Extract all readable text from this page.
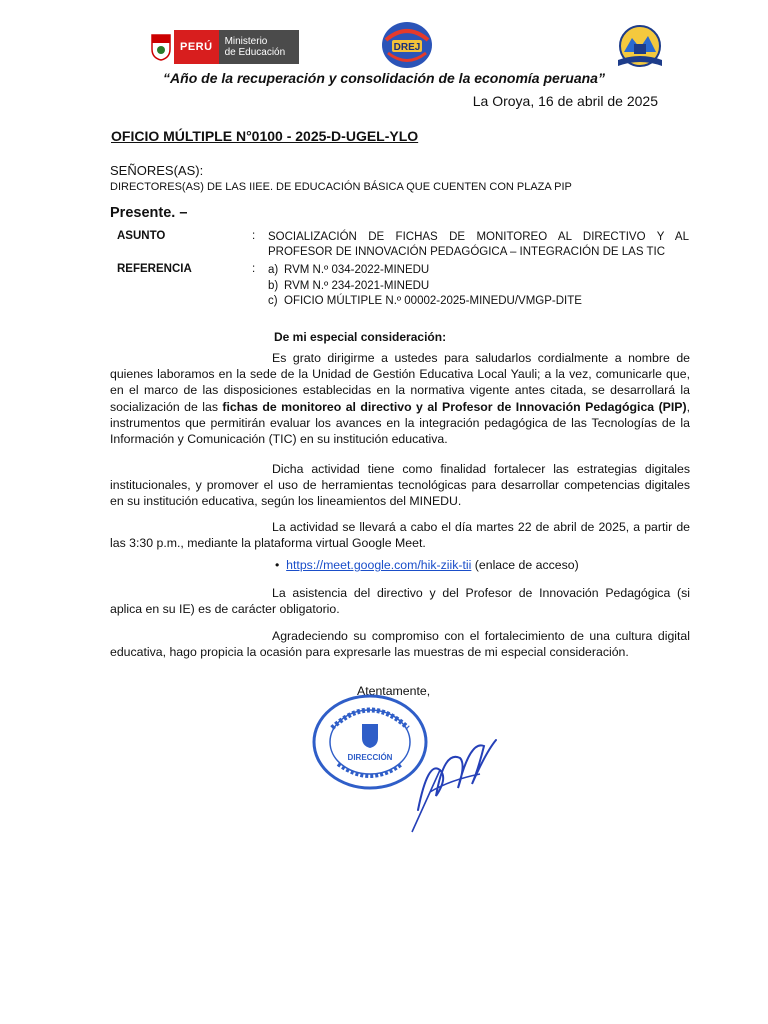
PERÚ	Ministerio
de Educación	DREJ
“Año de la recuperación y consolidación de la economía peruana”
La Oroya, 16 de abril de 2025
OFICIO MÚLTIPLE N°0100 - 2025-D-UGEL-YLO
SEÑORES(AS):
DIRECTORES(AS) DE LAS IIEE. DE EDUCACIÓN BÁSICA QUE CUENTEN CON PLAZA PIP
Presente. –
ASUNTO	:	SOCIALIZACIÓN DE FICHAS DE MONITOREO AL DIRECTIVO Y AL PROFESOR DE INNOVACIÓN PEDAGÓGICA – INTEGRACIÓN DE LAS TIC
REFERENCIA	:	a) RVM N.º 034-2022-MINEDU
b) RVM N.º 234-2021-MINEDU
c) OFICIO MÚLTIPLE N.º 00002-2025-MINEDU/VMGP-DITE
De mi especial consideración:
Es grato dirigirme a ustedes para saludarlos cordialmente a nombre de quienes laboramos en la sede de la Unidad de Gestión Educativa Local Yauli; a la vez, comunicarle que, en el marco de las disposiciones establecidas en la normativa vigente antes citada, se desarrollará la socialización de las fichas de monitoreo al directivo y al Profesor de Innovación Pedagógica (PIP), instrumentos que permitirán evaluar los avances en la integración pedagógica de las Tecnologías de la Información y Comunicación (TIC) en su institución educativa.
Dicha actividad tiene como finalidad fortalecer las estrategias digitales institucionales, y promover el uso de herramientas tecnológicas para desarrollar competencias digitales en su institución educativa, según los lineamientos del MINEDU.
La actividad se llevará a cabo el día martes 22 de abril de 2025, a partir de las 3:30 p.m., mediante la plataforma virtual Google Meet.
• https://meet.google.com/hik-ziik-tii (enlace de acceso)
La asistencia del directivo y del Profesor de Innovación Pedagógica (si aplica en su IE) es de carácter obligatorio.
Agradeciendo su compromiso con el fortalecimiento de una cultura digital educativa, hago propicia la ocasión para expresarle las muestras de mi especial consideración.
Atentamente,
DIRECCIÓN
